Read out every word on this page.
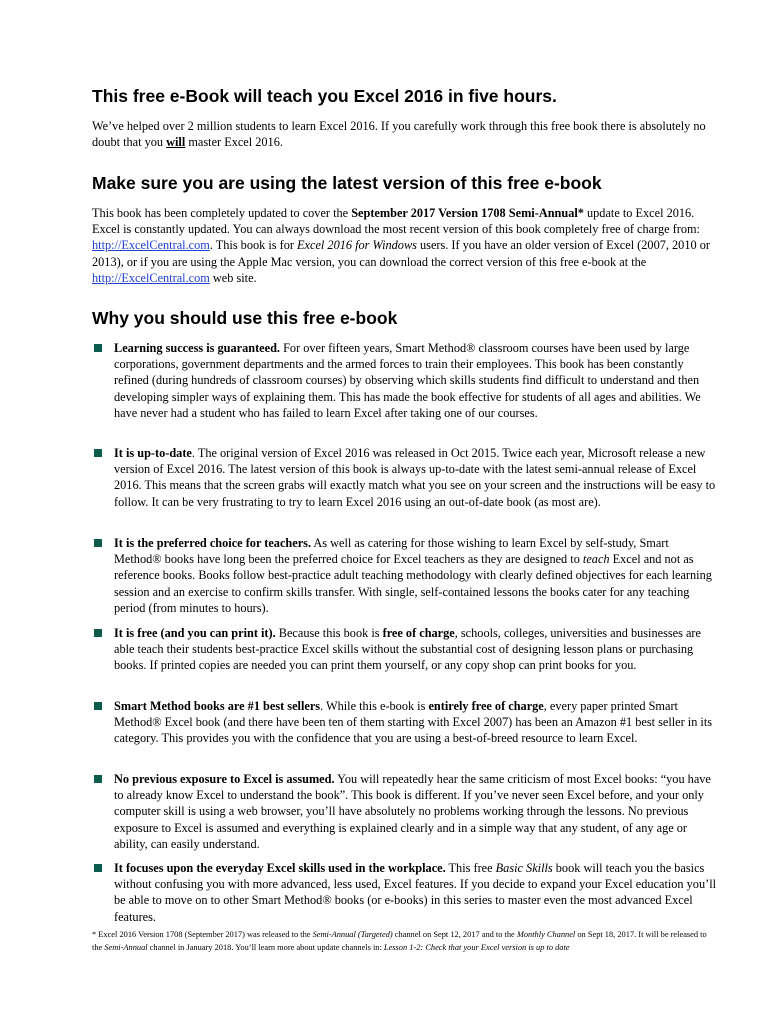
This free e-Book will teach you Excel 2016 in five hours.

We’ve helped over 2 million students to learn Excel 2016. If you carefully work through this free book there is absolutely no doubt that you will master Excel 2016.

Make sure you are using the latest version of this free e-book

This book has been completely updated to cover the September 2017 Version 1708 Semi-Annual* update to Excel 2016. Excel is constantly updated. You can always download the most recent version of this book completely free of charge from: http://ExcelCentral.com. This book is for Excel 2016 for Windows users. If you have an older version of Excel (2007, 2010 or 2013), or if you are using the Apple Mac version, you can download the correct version of this free e-book at the http://ExcelCentral.com web site.

Why you should use this free e-book
Learning success is guaranteed. For over fifteen years, Smart Method® classroom courses have been used by large corporations, government departments and the armed forces to train their employees. This book has been constantly refined (during hundreds of classroom courses) by observing which skills students find difficult to understand and then developing simpler ways of explaining them. This has made the book effective for students of all ages and abilities. We have never had a student who has failed to learn Excel after taking one of our courses.
It is up-to-date. The original version of Excel 2016 was released in Oct 2015. Twice each year, Microsoft release a new version of Excel 2016. The latest version of this book is always up-to-date with the latest semi-annual release of Excel 2016. This means that the screen grabs will exactly match what you see on your screen and the instructions will be easy to follow. It can be very frustrating to try to learn Excel 2016 using an out-of-date book (as most are).
It is the preferred choice for teachers. As well as catering for those wishing to learn Excel by self-study, Smart Method® books have long been the preferred choice for Excel teachers as they are designed to teach Excel and not as reference books. Books follow best-practice adult teaching methodology with clearly defined objectives for each learning session and an exercise to confirm skills transfer. With single, self-contained lessons the books cater for any teaching period (from minutes to hours).
It is free (and you can print it). Because this book is free of charge, schools, colleges, universities and businesses are able teach their students best-practice Excel skills without the substantial cost of designing lesson plans or purchasing books. If printed copies are needed you can print them yourself, or any copy shop can print books for you.
Smart Method books are #1 best sellers. While this e-book is entirely free of charge, every paper printed Smart Method® Excel book (and there have been ten of them starting with Excel 2007) has been an Amazon #1 best seller in its category. This provides you with the confidence that you are using a best-of-breed resource to learn Excel.
No previous exposure to Excel is assumed. You will repeatedly hear the same criticism of most Excel books: “you have to already know Excel to understand the book”. This book is different. If you’ve never seen Excel before, and your only computer skill is using a web browser, you’ll have absolutely no problems working through the lessons. No previous exposure to Excel is assumed and everything is explained clearly and in a simple way that any student, of any age or ability, can easily understand.
It focuses upon the everyday Excel skills used in the workplace. This free Basic Skills book will teach you the basics without confusing you with more advanced, less used, Excel features. If you decide to expand your Excel education you’ll be able to move on to other Smart Method® books (or e-books) in this series to master even the most advanced Excel features.

* Excel 2016 Version 1708 (September 2017) was released to the Semi-Annual (Targeted) channel on Sept 12, 2017 and to the Monthly Channel on Sept 18, 2017. It will be released to the Semi-Annual channel in January 2018. You’ll learn more about update channels in: Lesson 1-2: Check that your Excel version is up to date
